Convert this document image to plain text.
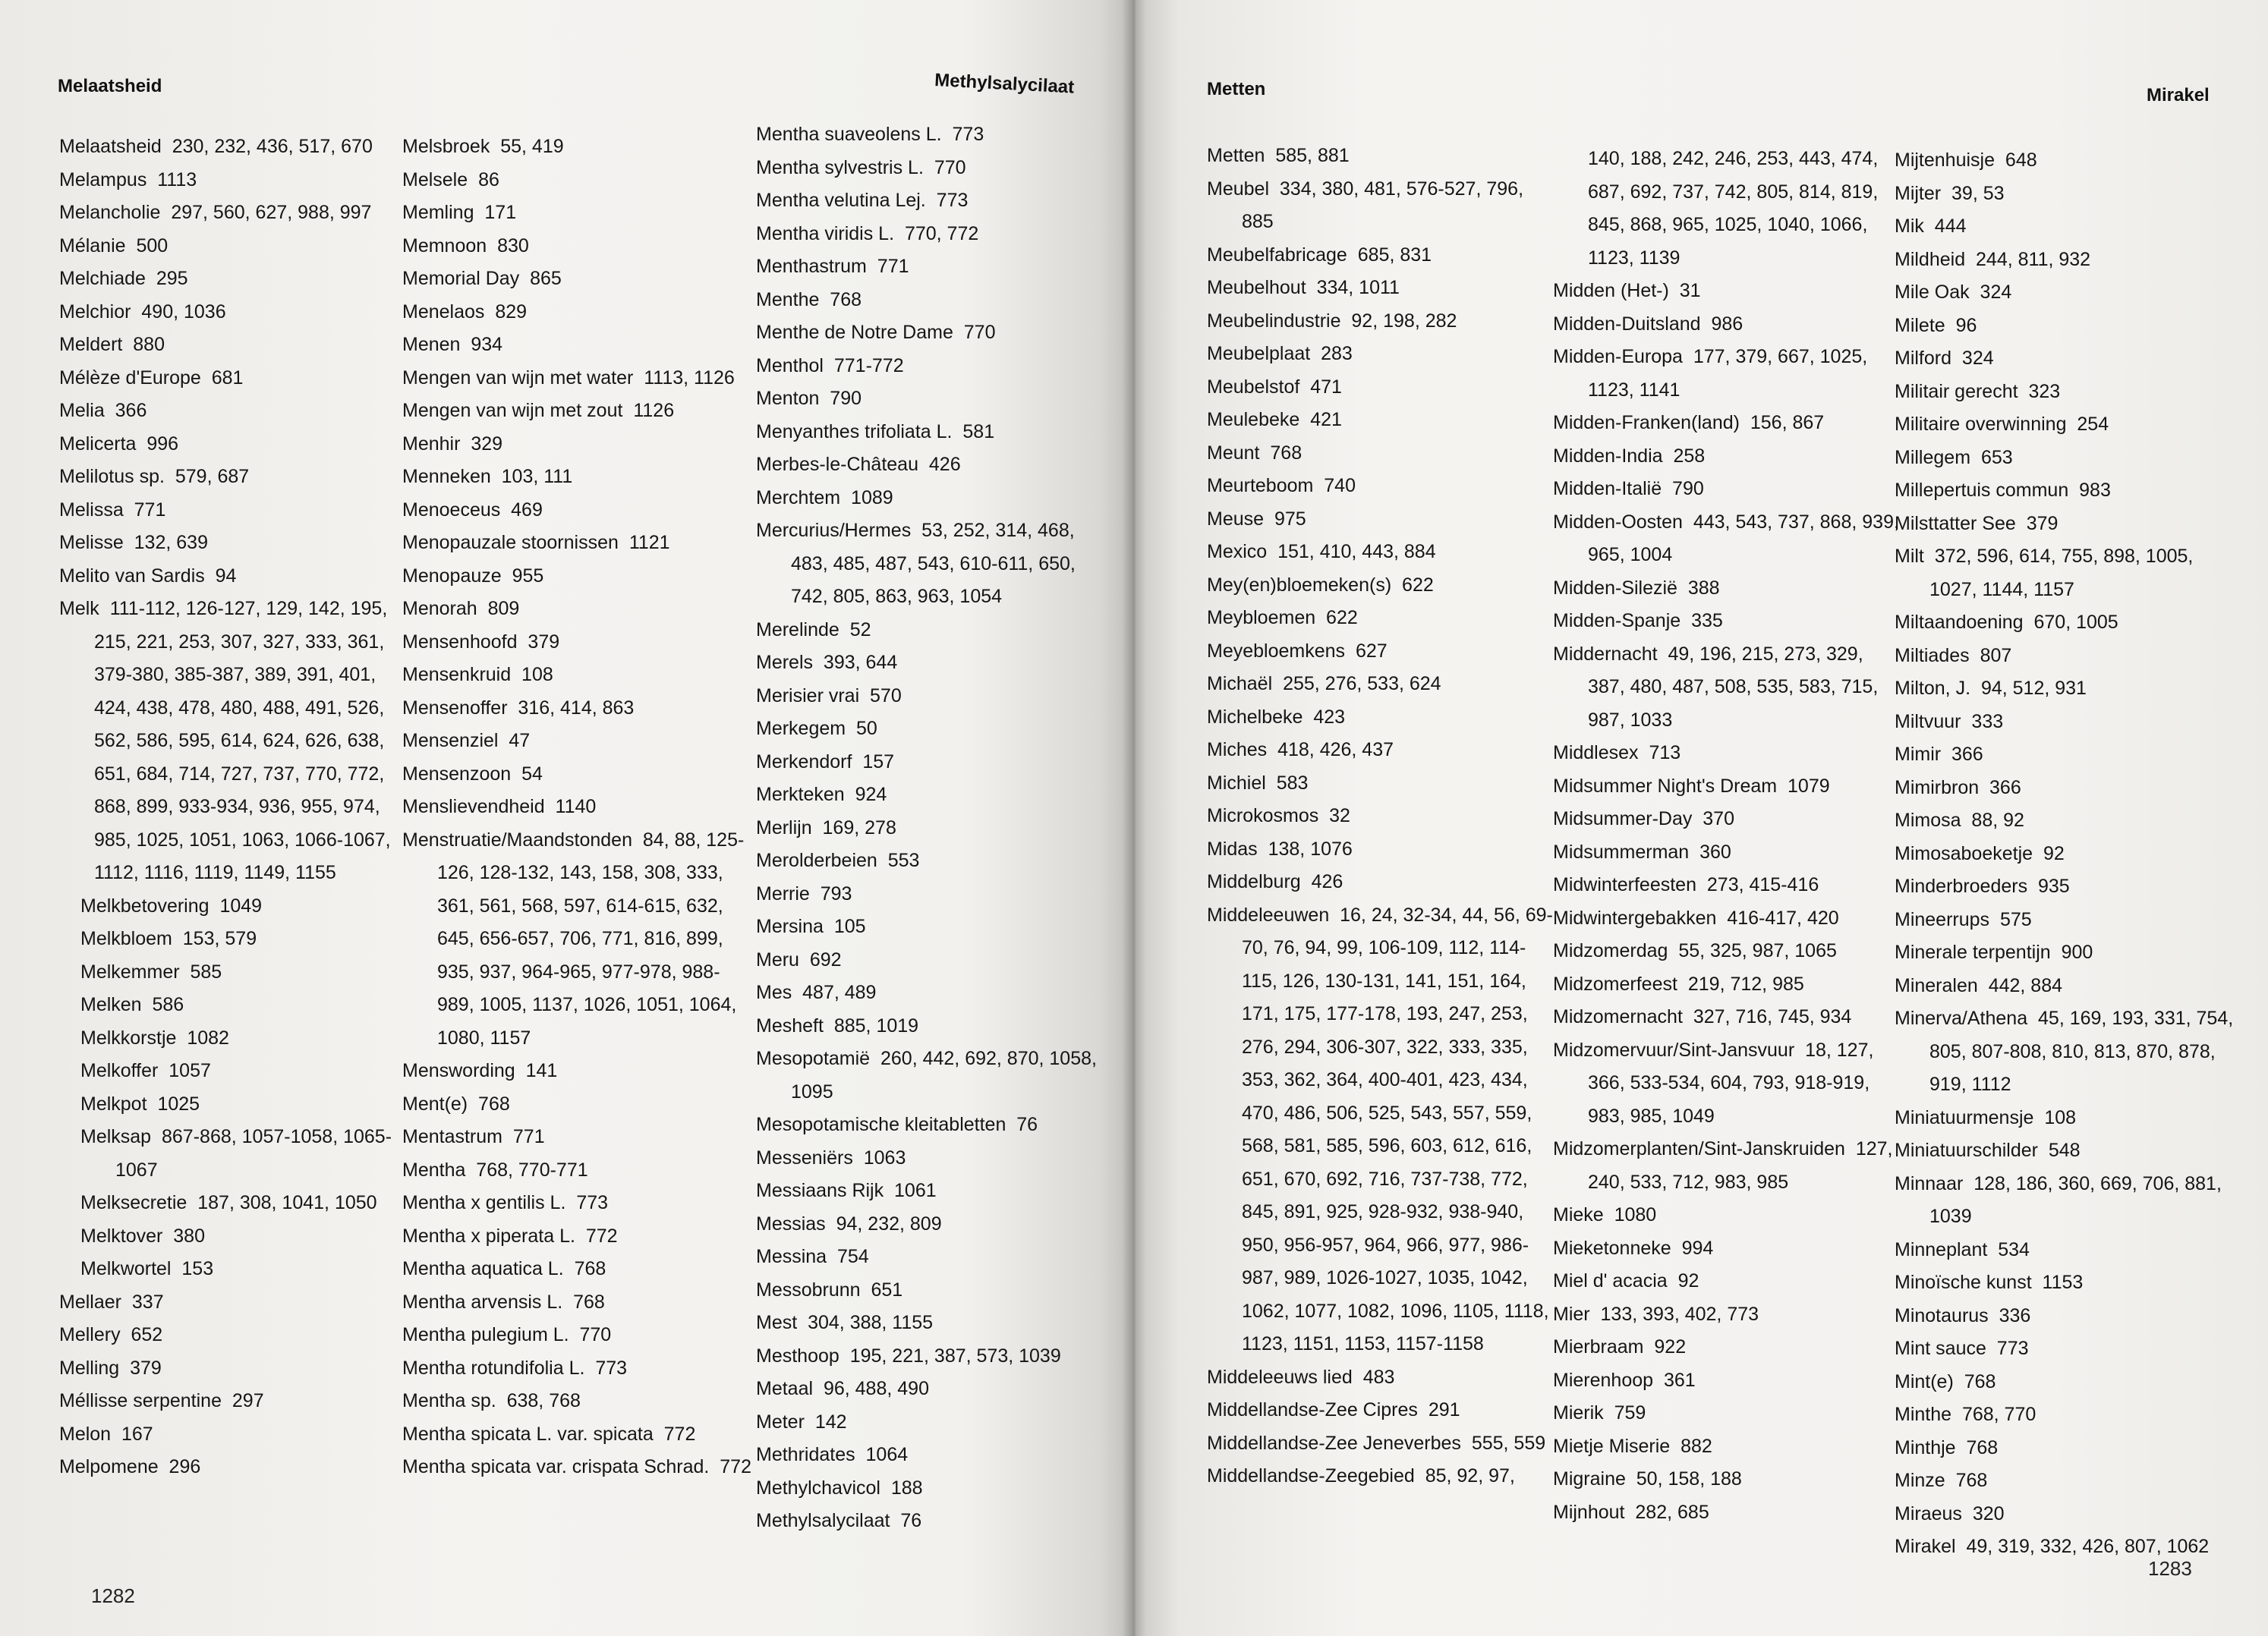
Melaatsheid	Methylsalycilaat

Melaatsheid 230, 232, 436, 517, 670

Melampus 1113

Melancholie 297, 560, 627, 988, 997

Mélanie 500

Melchiade 295

Melchior 490, 1036

Meldert 880

Mélèze d'Europe 681

Melia 366

Melicerta 996

Melilotus sp. 579, 687

Melissa 771

Melisse 132, 639

Melito van Sardis 94

Melk 111-112, 126-127, 129, 142, 195, 215, 221, 253, 307, 327, 333, 361, 379-380, 385-387, 389, 391, 401, 424, 438, 478, 480, 488, 491, 526, 562, 586, 595, 614, 624, 626, 638, 651, 684, 714, 727, 737, 770, 772, 868, 899, 933-934, 936, 955, 974, 985, 1025, 1051, 1063, 1066-1067, 1112, 1116, 1119, 1149, 1155

Melkbetovering 1049

Melkbloem 153, 579

Melkemmer 585

Melken 586

Melkkorstje 1082

Melkoffer 1057

Melkpot 1025

Melksap 867-868, 1057-1058, 1065-1067

Melksecretie 187, 308, 1041, 1050

Melktover 380

Melkwortel 153

Mellaer 337

Mellery 652

Melling 379

Méllisse serpentine 297

Melon 167

Melpomene 296

Melsbroek 55, 419

Melsele 86

Memling 171

Memnoon 830

Memorial Day 865

Menelaos 829

Menen 934

Mengen van wijn met water 1113, 1126

Mengen van wijn met zout 1126

Menhir 329

Menneken 103, 111

Menoeceus 469

Menopauzale stoornissen 1121

Menopauze 955

Menorah 809

Mensenhoofd 379

Mensenkruid 108

Mensenoffer 316, 414, 863

Mensenziel 47

Mensenzoon 54

Menslievendheid 1140

Menstruatie/Maandstonden 84, 88, 125-126, 128-132, 143, 158, 308, 333, 361, 561, 568, 597, 614-615, 632, 645, 656-657, 706, 771, 816, 899, 935, 937, 964-965, 977-978, 988-989, 1005, 1137, 1026, 1051, 1064, 1080, 1157

Menswording 141

Ment(e) 768

Mentastrum 771

Mentha 768, 770-771

Mentha x gentilis L. 773

Mentha x piperata L. 772

Mentha aquatica L. 768

Mentha arvensis L. 768

Mentha pulegium L. 770

Mentha rotundifolia L. 773

Mentha sp. 638, 768

Mentha spicata L. var. spicata 772

Mentha spicata var. crispata Schrad. 772

Mentha suaveolens L. 773

Mentha sylvestris L. 770

Mentha velutina Lej. 773

Mentha viridis L. 770, 772

Menthastrum 771

Menthe 768

Menthe de Notre Dame 770

Menthol 771-772

Menton 790

Menyanthes trifoliata L. 581

Merbes-le-Château 426

Merchtem 1089

Mercurius/Hermes 53, 252, 314, 468, 483, 485, 487, 543, 610-611, 650, 742, 805, 863, 963, 1054

Merelinde 52

Merels 393, 644

Merisier vrai 570

Merkegem 50

Merkendorf 157

Merkteken 924

Merlijn 169, 278

Merolderbeien 553

Merrie 793

Mersina 105

Meru 692

Mes 487, 489

Mesheft 885, 1019

Mesopotamië 260, 442, 692, 870, 1058, 1095

Mesopotamische kleitabletten 76

Messeniërs 1063

Messiaans Rijk 1061

Messias 94, 232, 809

Messina 754

Messobrunn 651

Mest 304, 388, 1155

Mesthoop 195, 221, 387, 573, 1039

Metaal 96, 488, 490

Meter 142

Methridates 1064

Methylchavicol 188

Methylsalycilaat 76

1282
Metten	Mirakel

Metten 585, 881

Meubel 334, 380, 481, 576-527, 796, 885

Meubelfabricage 685, 831

Meubelhout 334, 1011

Meubelindustrie 92, 198, 282

Meubelplaat 283

Meubelstof 471

Meulebeke 421

Meunt 768

Meurteboom 740

Meuse 975

Mexico 151, 410, 443, 884

Mey(en)bloemeken(s) 622

Meybloemen 622

Meyebloemkens 627

Michaël 255, 276, 533, 624

Michelbeke 423

Miches 418, 426, 437

Michiel 583

Microkosmos 32

Midas 138, 1076

Middelburg 426

Middeleeuwen 16, 24, 32-34, 44, 56, 69-70, 76, 94, 99, 106-109, 112, 114-115, 126, 130-131, 141, 151, 164, 171, 175, 177-178, 193, 247, 253, 276, 294, 306-307, 322, 333, 335, 353, 362, 364, 400-401, 423, 434, 470, 486, 506, 525, 543, 557, 559, 568, 581, 585, 596, 603, 612, 616, 651, 670, 692, 716, 737-738, 772, 845, 891, 925, 928-932, 938-940, 950, 956-957, 964, 966, 977, 986-987, 989, 1026-1027, 1035, 1042, 1062, 1077, 1082, 1096, 1105, 1118, 1123, 1151, 1153, 1157-1158

Middeleeuws lied 483

Middellandse-Zee Cipres 291

Middellandse-Zee Jeneverbes 555, 559

Middellandse-Zeegebied 85, 92, 97,

140, 188, 242, 246, 253, 443, 474, 687, 692, 737, 742, 805, 814, 819, 845, 868, 965, 1025, 1040, 1066, 1123, 1139

Midden (Het-) 31

Midden-Duitsland 986

Midden-Europa 177, 379, 667, 1025, 1123, 1141

Midden-Franken(land) 156, 867

Midden-India 258

Midden-Italië 790

Midden-Oosten 443, 543, 737, 868, 939, 965, 1004

Midden-Silezië 388

Midden-Spanje 335

Middernacht 49, 196, 215, 273, 329, 387, 480, 487, 508, 535, 583, 715, 987, 1033

Middlesex 713

Midsummer Night's Dream 1079

Midsummer-Day 370

Midsummerman 360

Midwinterfeesten 273, 415-416

Midwintergebakken 416-417, 420

Midzomerdag 55, 325, 987, 1065

Midzomerfeest 219, 712, 985

Midzomernacht 327, 716, 745, 934

Midzomervuur/Sint-Jansvuur 18, 127, 366, 533-534, 604, 793, 918-919, 983, 985, 1049

Midzomerplanten/Sint-Janskruiden 127, 240, 533, 712, 983, 985

Mieke 1080

Mieketonneke 994

Miel d' acacia 92

Mier 133, 393, 402, 773

Mierbraam 922

Mierenhoop 361

Mierik 759

Mietje Miserie 882

Migraine 50, 158, 188

Mijnhout 282, 685

Mijtenhuisje 648

Mijter 39, 53

Mik 444

Mildheid 244, 811, 932

Mile Oak 324

Milete 96

Milford 324

Militair gerecht 323

Militaire overwinning 254

Millegem 653

Millepertuis commun 983

Milsttatter See 379

Milt 372, 596, 614, 755, 898, 1005, 1027, 1144, 1157

Miltaandoening 670, 1005

Miltiades 807

Milton, J. 94, 512, 931

Miltvuur 333

Mimir 366

Mimirbron 366

Mimosa 88, 92

Mimosaboeketje 92

Minderbroeders 935

Mineerrups 575

Minerale terpentijn 900

Mineralen 442, 884

Minerva/Athena 45, 169, 193, 331, 754, 805, 807-808, 810, 813, 870, 878, 919, 1112

Miniatuurmensje 108

Miniatuurschilder 548

Minnaar 128, 186, 360, 669, 706, 881, 1039

Minneplant 534

Minoïsche kunst 1153

Minotaurus 336

Mint sauce 773

Mint(e) 768

Minthe 768, 770

Minthje 768

Minze 768

Miraeus 320

Mirakel 49, 319, 332, 426, 807, 1062

1283
